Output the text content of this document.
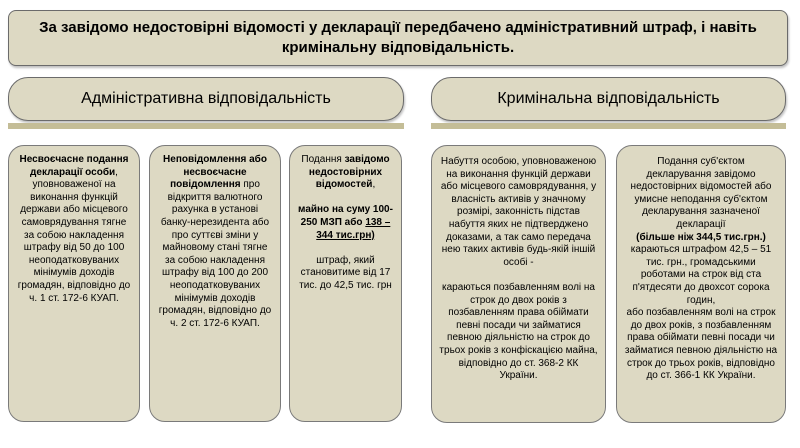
За завідомо недостовірні відомості у декларації передбачено адміністративний штраф, і навіть кримінальну відповідальність.
Адміністративна відповідальність	Кримінальна відповідальність

Несвоєчасне подання декларації особи, уповноваженої на виконання функцій держави або місцевого самоврядування тягне за собою накладення штрафу від 50 до 100 неоподатковуваних мінімумів доходів громадян, відповідно до ч. 1 ст. 172-6 КУАП.

Неповідомлення або несвоєчасне повідомлення про відкриття валютного рахунка в установі банку-нерезидента або про суттєві зміни у майновому стані тягне за собою накладення штрафу від 100 до 200 неоподатковуваних мінімумів доходів громадян, відповідно до ч. 2 ст. 172-6 КУАП.

Подання завідомо недостовірних відомостей,

майно на суму 100-250 МЗП або 138 – 344 тис.грн)

штраф, який становитиме від 17 тис. до 42,5 тис. грн

Набуття особою, уповноваженою на виконання функцій держави або місцевого самоврядування, у власність активів у значному розмірі, законність підстав набуття яких не підтверджено доказами, а так само передача нею таких активів будь-якій іншій особі -

караються позбавленням волі на строк до двох років з позбавленням права обіймати певні посади чи займатися певною діяльністю на строк до трьох років з конфіскацією майна, відповідно до ст. 368-2 КК України.

Подання суб'єктом декларування завідомо недостовірних відомостей або умисне неподання суб'єктом декларування зазначеної декларації

(більше ніж 344,5 тис.грн.)

караються штрафом 42,5 – 51 тис. грн., громадськими роботами на строк від ста п'ятдесяти до двохсот сорока годин,

або позбавленням волі на строк до двох років, з позбавленням права обіймати певні посади чи займатися певною діяльністю на строк до трьох років, відповідно до ст. 366-1 КК України.
